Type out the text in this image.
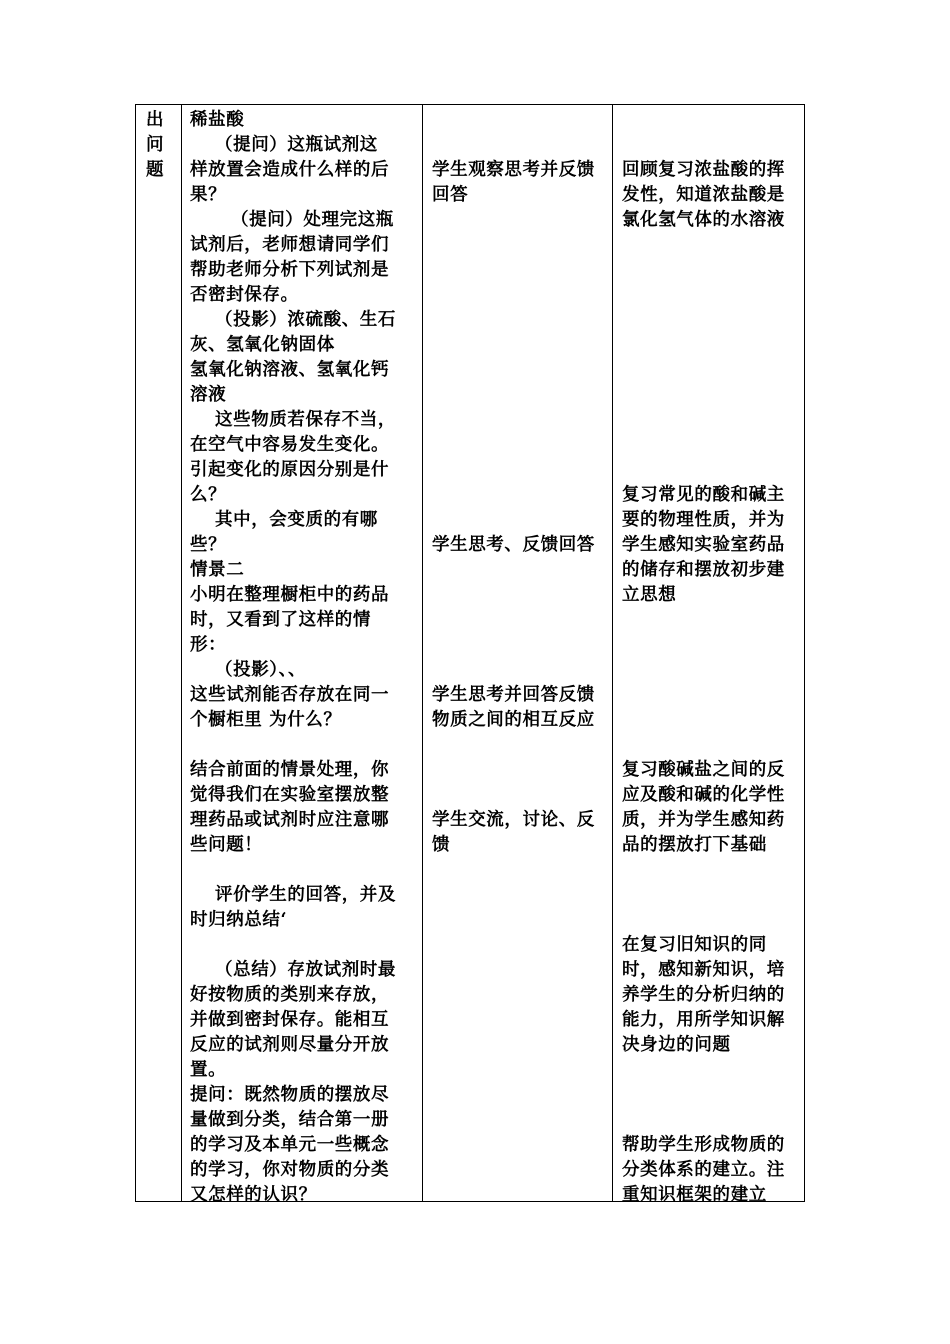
出
问
题
稀盐酸
（提问）这瓶试剂这
样放置会造成什么样的后
果？
（提问）处理完这瓶
试剂后，老师想请同学们
帮助老师分析下列试剂是
否密封保存。
（投影）浓硫酸、生石
灰、氢氧化钠固体
氢氧化钠溶液、氢氧化钙
溶液
这些物质若保存不当，
在空气中容易发生变化。
引起变化的原因分别是什
么？
其中，会变质的有哪
些？
情景二
小明在整理橱柜中的药品
时，又看到了这样的情
形：
（投影）、、
这些试剂能否存放在同一
个橱柜里 为什么？
结合前面的情景处理，你
觉得我们在实验室摆放整
理药品或试剂时应注意哪
些问题！
评价学生的回答，并及
时归纳总结‘
（总结）存放试剂时最
好按物质的类别来存放，
并做到密封保存。能相互
反应的试剂则尽量分开放
置。
提问：既然物质的摆放尽
量做到分类，结合第一册
的学习及本单元一些概念
的学习，你对物质的分类
又怎样的认识？
学生观察思考并反馈
回答
学生思考、反馈回答
学生思考并回答反馈
物质之间的相互反应
学生交流，讨论、反
馈
回顾复习浓盐酸的挥
发性，知道浓盐酸是
氯化氢气体的水溶液
复习常见的酸和碱主
要的物理性质，并为
学生感知实验室药品
的储存和摆放初步建
立思想
复习酸碱盐之间的反
应及酸和碱的化学性
质，并为学生感知药
品的摆放打下基础
在复习旧知识的同
时，感知新知识，培
养学生的分析归纳的
能力，用所学知识解
决身边的问题
帮助学生形成物质的
分类体系的建立。注
重知识框架的建立
